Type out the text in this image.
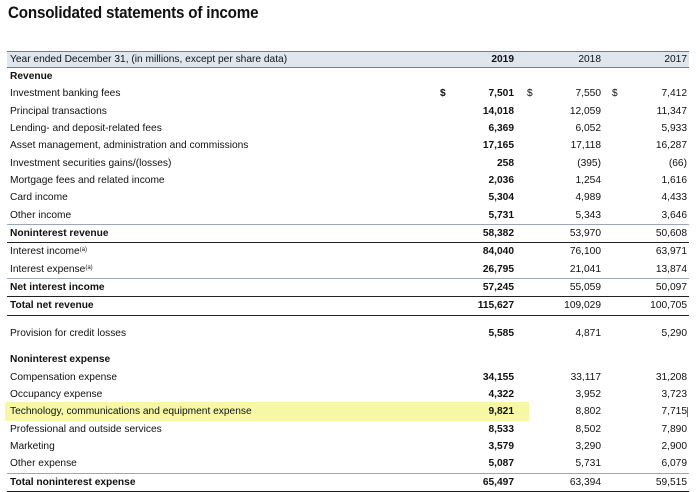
Consolidated statements of income
Year ended December 31, (in millions, except per share data)	2019	2018	2017
Revenue
Investment banking fees	$	7,501 $	7,550 $	7,412
Principal transactions	14,018	12,059	11,347
Lending- and deposit-related fees	6,369	6,052	5,933
Asset management, administration and commissions	17,165	17,118	16,287
Investment securities gains/(losses)	258	(395)	(66)
Mortgage fees and related income	2,036	1,254	1,616
Card income	5,304	4,989	4,433
Other income	5,731	5,343	3,646
Noninterest revenue	58,382	53,970	50,608
Interest income$^{(a)}$	84,040	76,100	63,971
Interest expense$^{(a)}$	26,795	21,041	13,874
Net interest income	57,245	55,059	50,097
Total net revenue	115,627	109,029	100,705
Provision for credit losses	5,585	4,871	5,290
Noninterest expense
Compensation expense	34,155	33,117	31,208
Occupancy expense	4,322	3,952	3,723
Technology, communications and equipment expense	9,821	8,802	7,715
Professional and outside services	8,533	8,502	7,890
Marketing	3,579	3,290	2,900
Other expense	5,087	5,731	6,079
Total noninterest expense	65,497	63,394	59,515
